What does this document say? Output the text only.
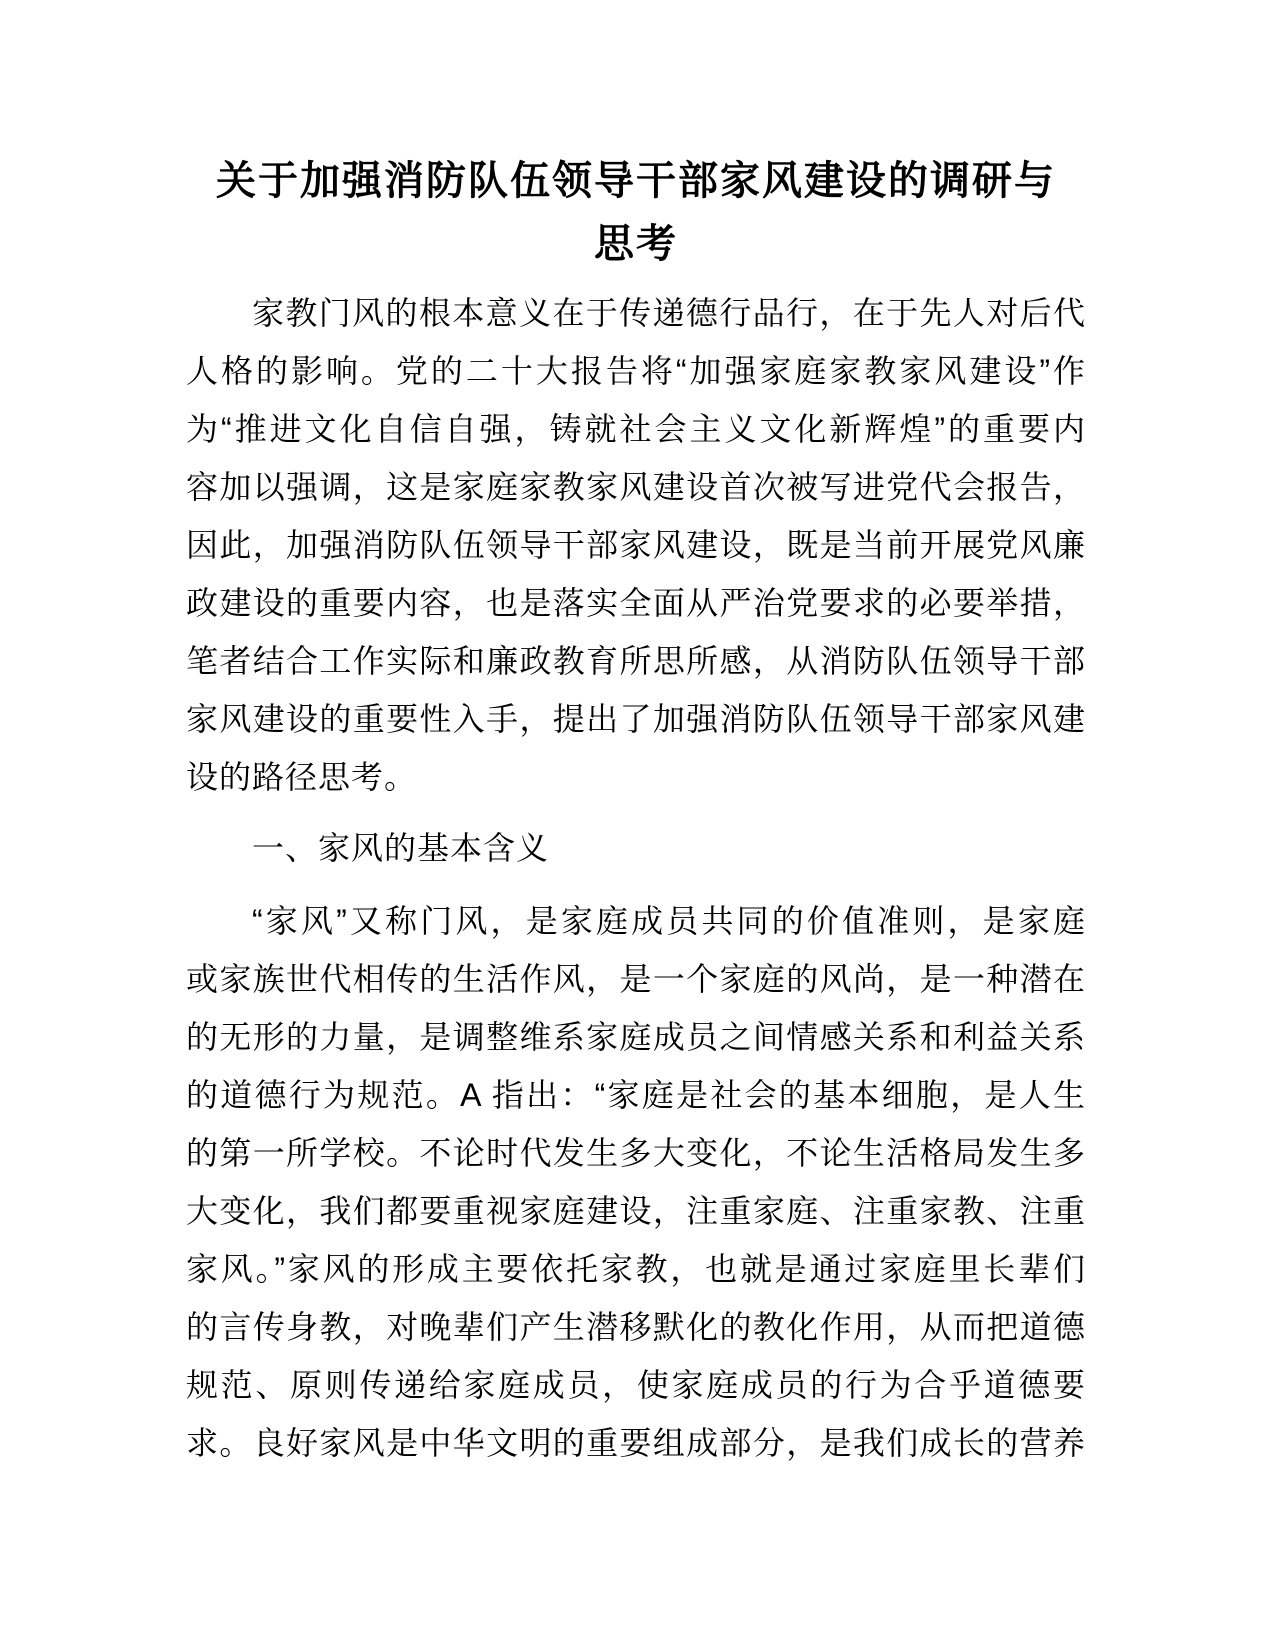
关于加强消防队伍领导干部家风建设的调研与
思考
家教门风的根本意义在于传递德行品行，在于先人对后代
人格的影响。党的二十大报告将“加强家庭家教家风建设”作
为“推进文化自信自强，铸就社会主义文化新辉煌”的重要内
容加以强调，这是家庭家教家风建设首次被写进党代会报告，
因此，加强消防队伍领导干部家风建设，既是当前开展党风廉
政建设的重要内容，也是落实全面从严治党要求的必要举措，
笔者结合工作实际和廉政教育所思所感，从消防队伍领导干部
家风建设的重要性入手，提出了加强消防队伍领导干部家风建
设的路径思考。
一、家风的基本含义
“家风”又称门风，是家庭成员共同的价值准则，是家庭
或家族世代相传的生活作风，是一个家庭的风尚，是一种潜在
的无形的力量，是调整维系家庭成员之间情感关系和利益关系
的道德行为规范。A 指出：“家庭是社会的基本细胞，是人生
的第一所学校。不论时代发生多大变化，不论生活格局发生多
大变化，我们都要重视家庭建设，注重家庭、注重家教、注重
家风。”家风的形成主要依托家教，也就是通过家庭里长辈们
的言传身教，对晚辈们产生潜移默化的教化作用，从而把道德
规范、原则传递给家庭成员，使家庭成员的行为合乎道德要
求。良好家风是中华文明的重要组成部分，是我们成长的营养
